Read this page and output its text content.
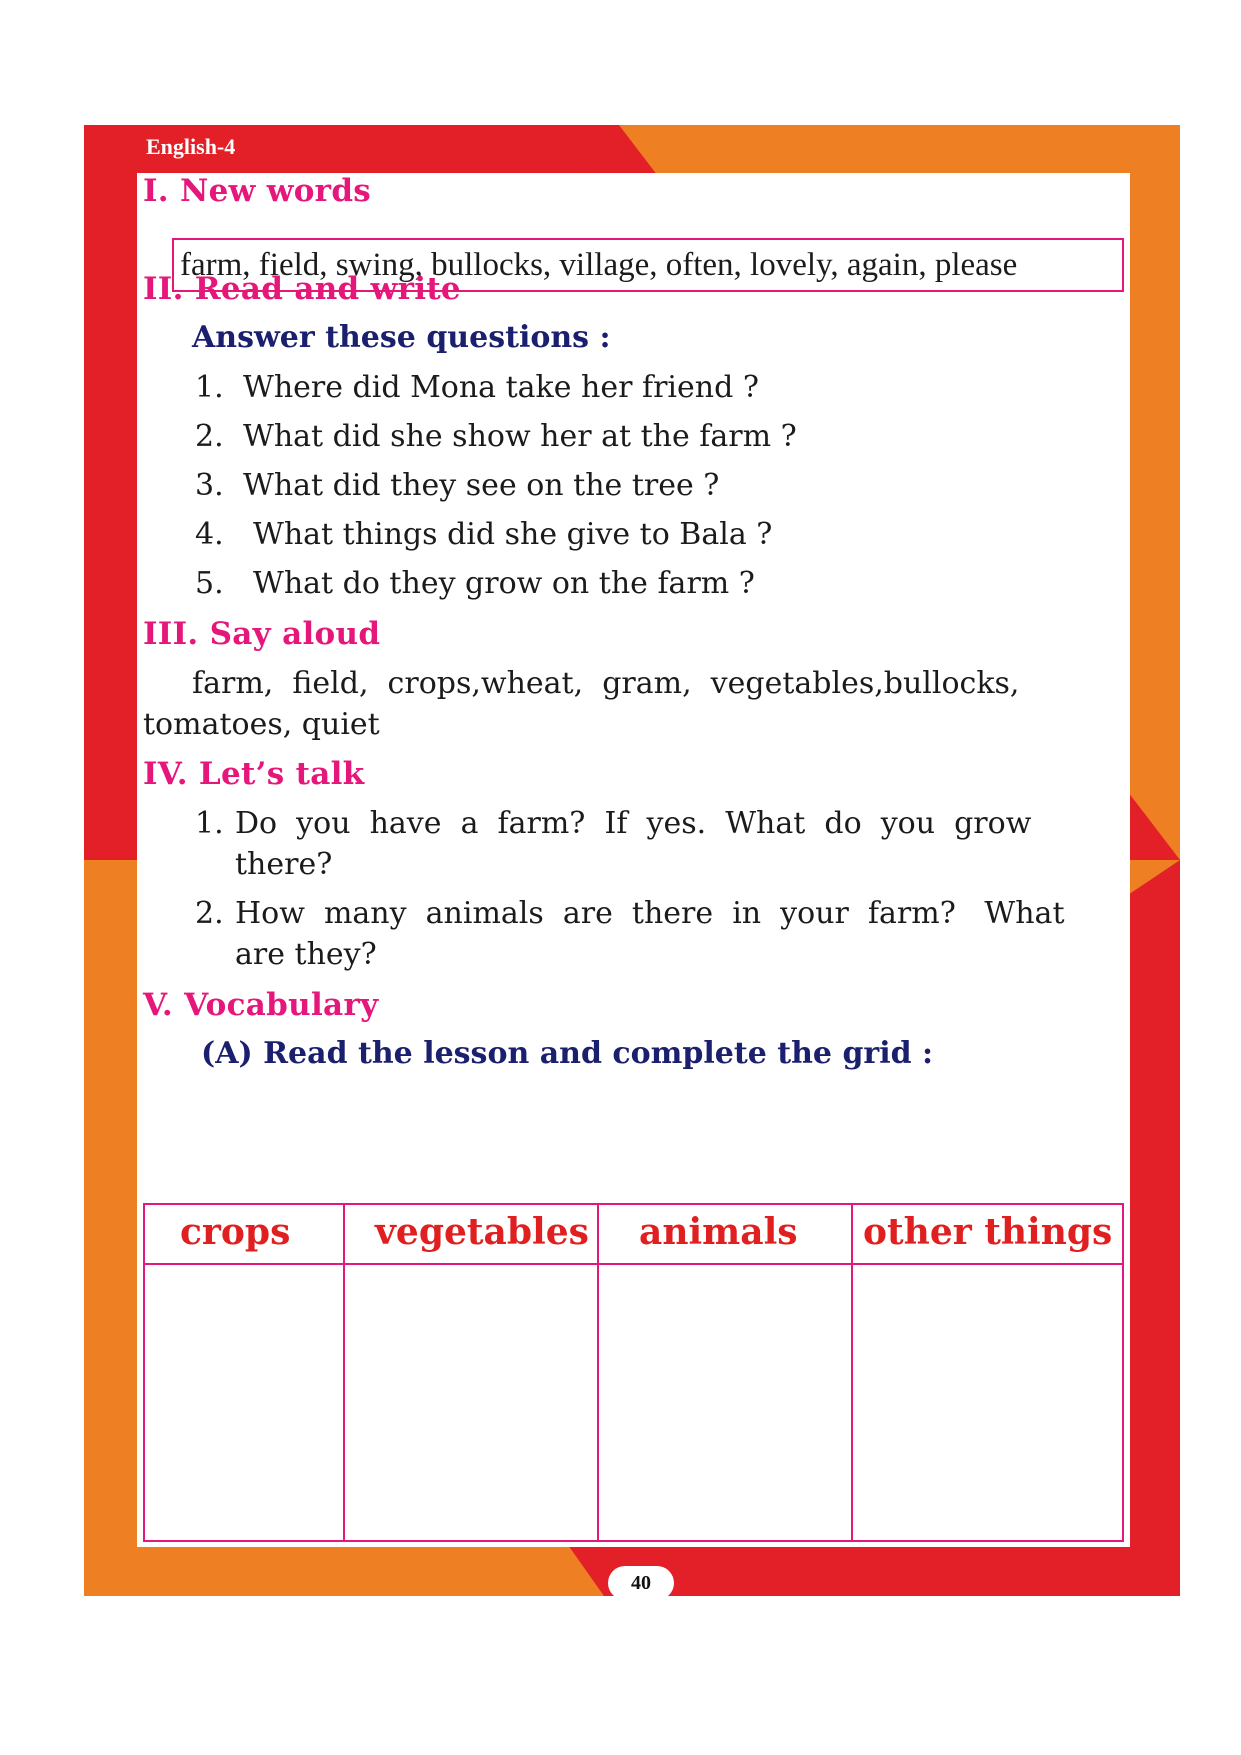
English-4
I. New words
farm, field, swing, bullocks, village, often, lovely, again, please
II. Read and write
Answer these questions :
1. Where did Mona take her friend ?
2. What did she show her at the farm ?
3. What did they see on the tree ?
4. What things did she give to Bala ?
5. What do they grow on the farm ?
III. Say aloud
farm,  field,  crops,wheat,  gram,  vegetables,bullocks,
tomatoes, quiet
IV. Let’s talk
1. Do  you  have  a  farm?  If  yes.  What  do  you  grow
there?
2. How  many  animals  are  there  in  your  farm?   What
are they?
V. Vocabulary
(A) Read the lesson and complete the grid :
crops vegetables animals other things
40
